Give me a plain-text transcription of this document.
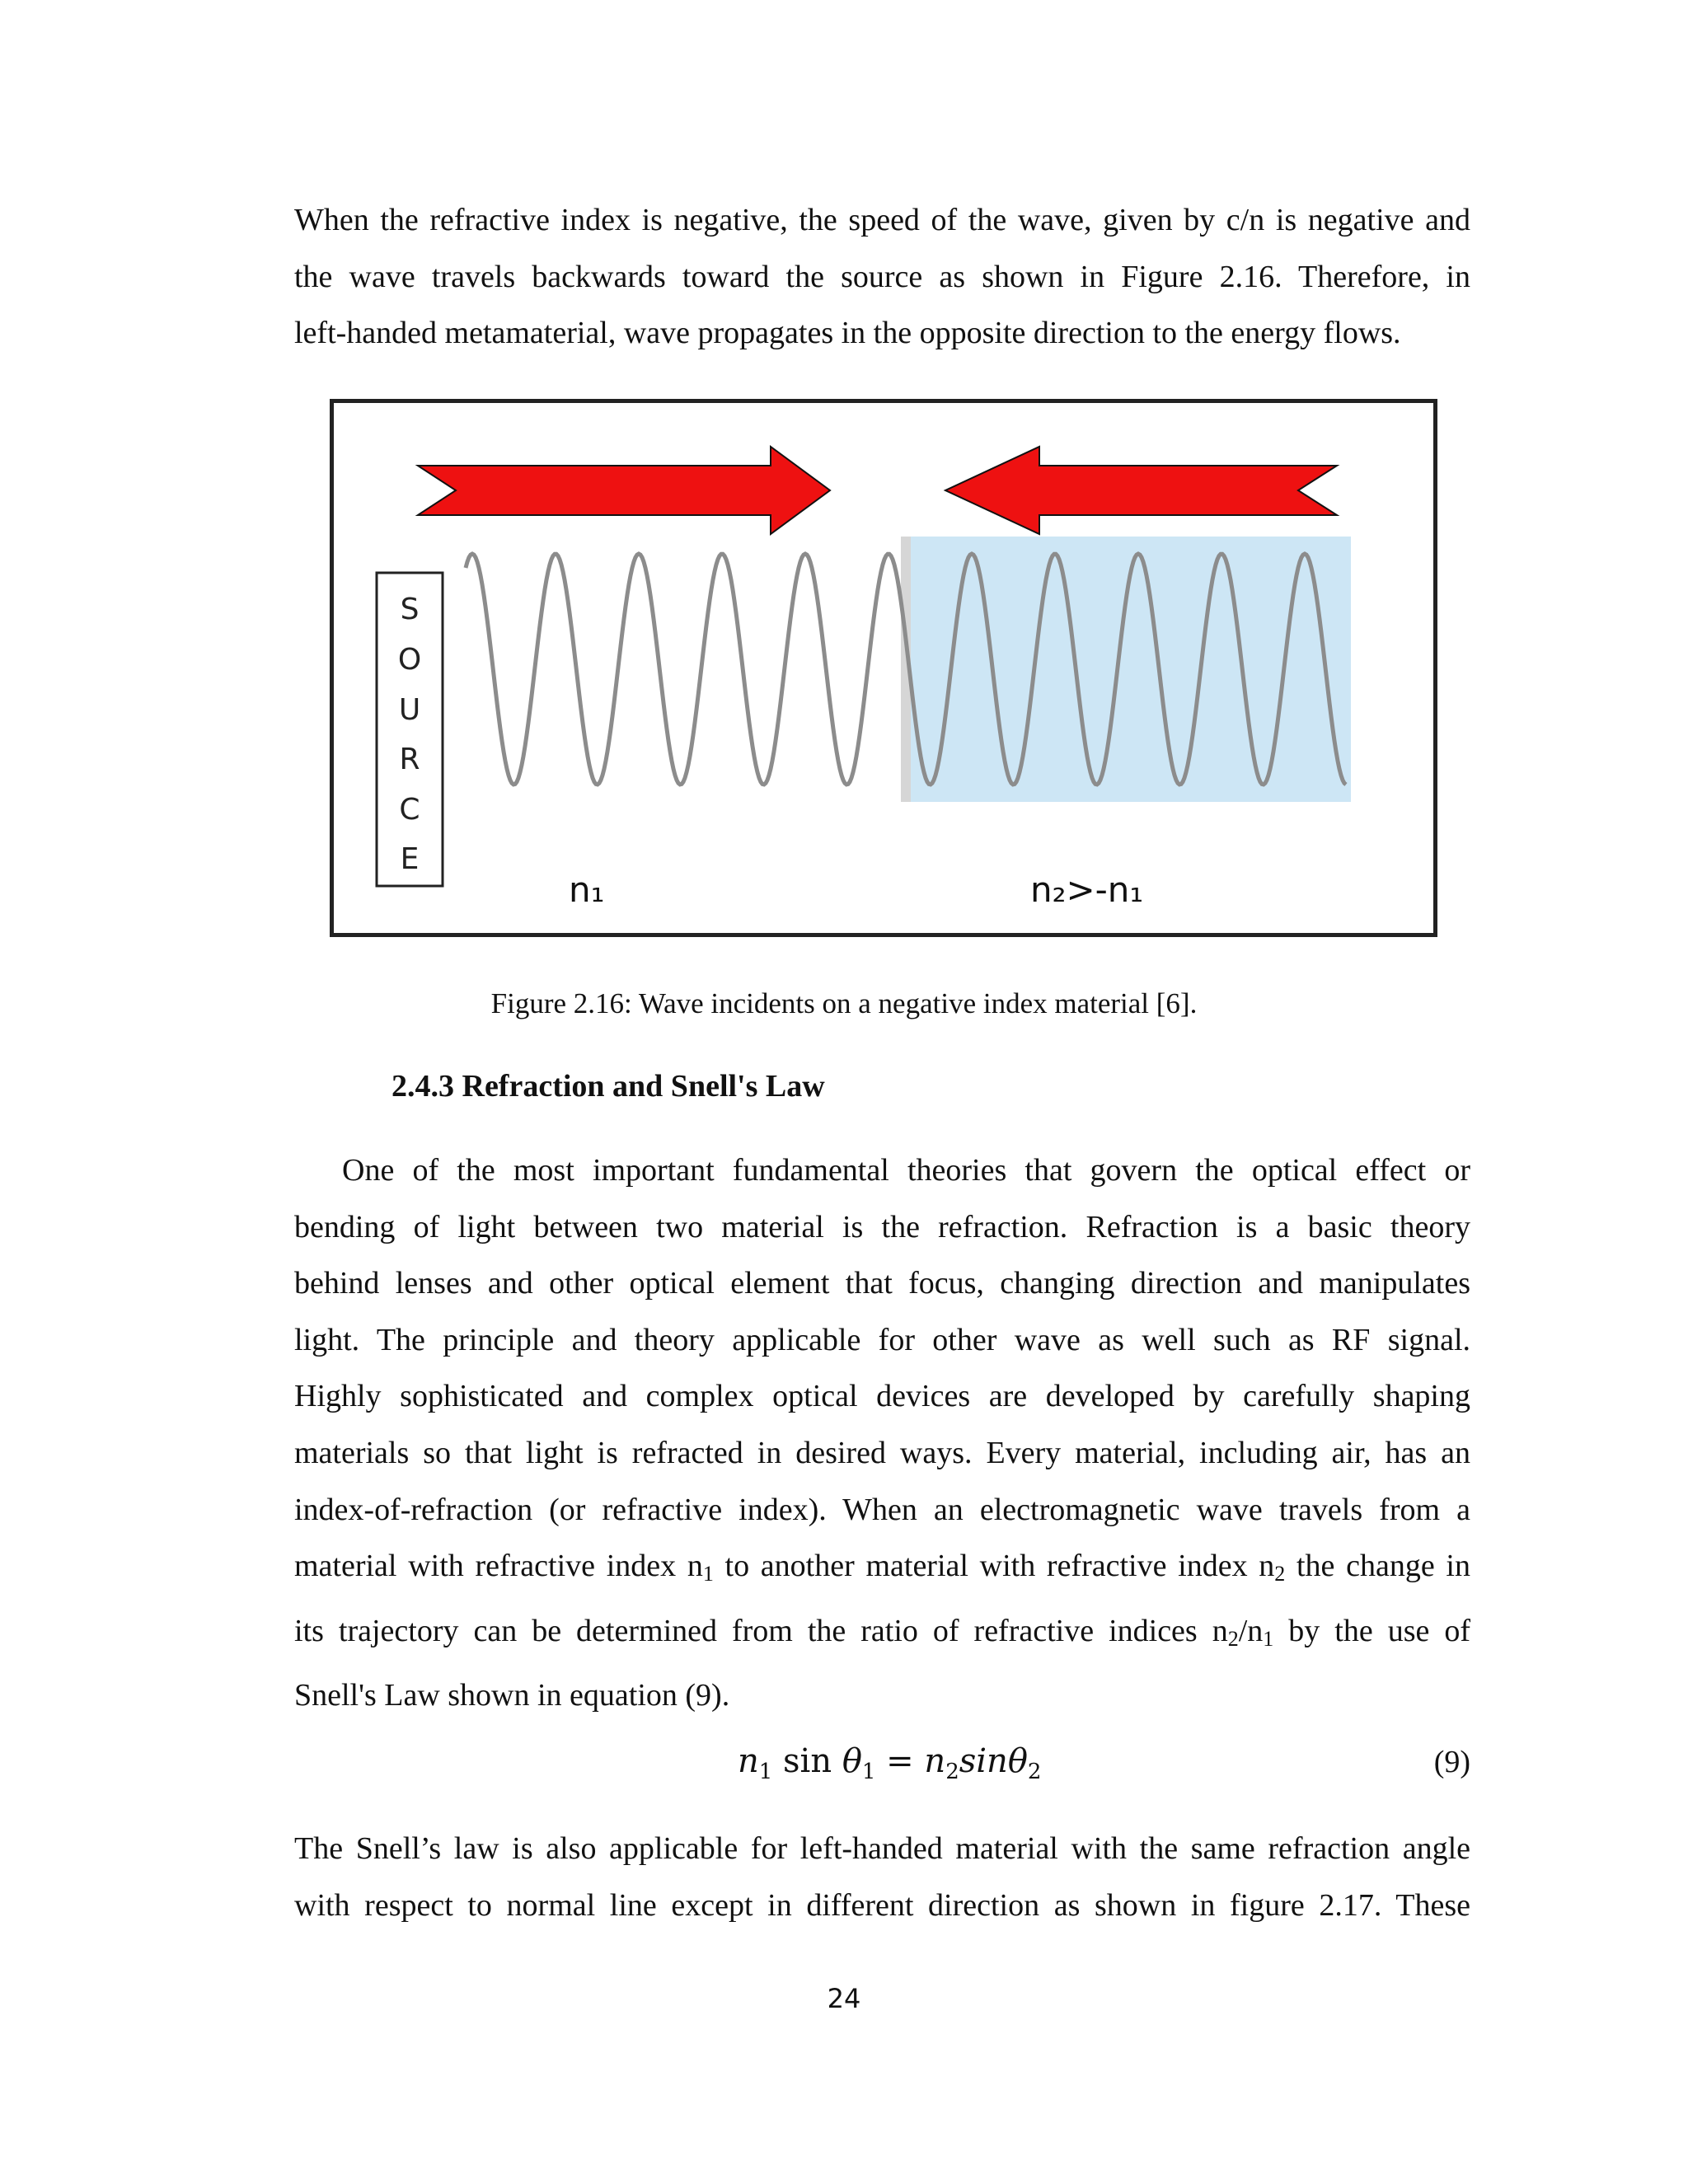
When the refractive index is negative, the speed of the wave, given by c/n is negative and
the wave travels backwards toward the source as shown in Figure 2.16. Therefore, in
left-handed metamaterial, wave propagates in the opposite direction to the energy flows.

S
O
U
R
C
E
n₁	n₂>-n₁
Figure 2.16: Wave incidents on a negative index material [6].
2.4.3 Refraction and Snell's Law

One of the most important fundamental theories that govern the optical effect or
bending of light between two material is the refraction. Refraction is a basic theory
behind lenses and other optical element that focus, changing direction and manipulates
light. The principle and theory applicable for other wave as well such as RF signal.
Highly sophisticated and complex optical devices are developed by carefully shaping
materials so that light is refracted in desired ways. Every material, including air, has an
index-of-refraction (or refractive index). When an electromagnetic wave travels from a
material with refractive index $n_1$ to another material with refractive index $n_2$ the change in
its trajectory can be determined from the ratio of refractive indices $n_2/n_1$ by the use of
Snell's Law shown in equation (9).

$n_1$ $\sin \theta_1 = n_2\sin\theta_2$	(9)

The Snell’s law is also applicable for left-handed material with the same refraction angle
with respect to normal line except in different direction as shown in figure 2.17. These

24
